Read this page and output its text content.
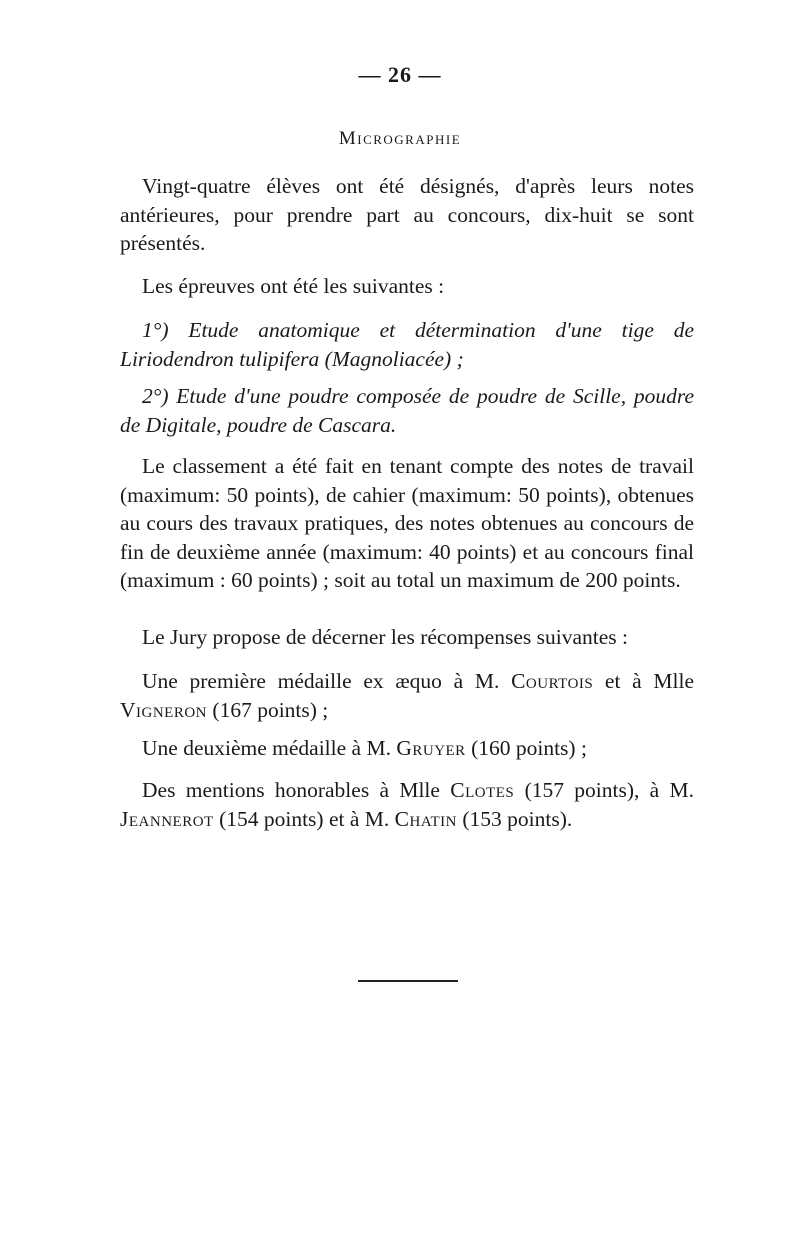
— 26 —
Micrographie

Vingt-quatre élèves ont été désignés, d'après leurs notes antérieures, pour prendre part au concours, dix-huit se sont présentés.

Les épreuves ont été les suivantes :

1°) Etude anatomique et détermination d'une tige de Liriodendron tulipifera (Magnoliacée) ;

2°) Etude d'une poudre composée de poudre de Scille, poudre de Digitale, poudre de Cascara.

Le classement a été fait en tenant compte des notes de travail (maximum: 50 points), de cahier (maximum: 50 points), obtenues au cours des travaux pratiques, des notes obtenues au concours de fin de deuxième année (maximum: 40 points) et au concours final (maximum : 60 points) ; soit au total un maximum de 200 points.

Le Jury propose de décerner les récompenses suivantes :

Une première médaille ex æquo à M. Courtois et à Mlle Vigneron (167 points) ;

Une deuxième médaille à M. Gruyer (160 points) ;

Des mentions honorables à Mlle Clotes (157 points), à M. Jeannerot (154 points) et à M. Chatin (153 points).
